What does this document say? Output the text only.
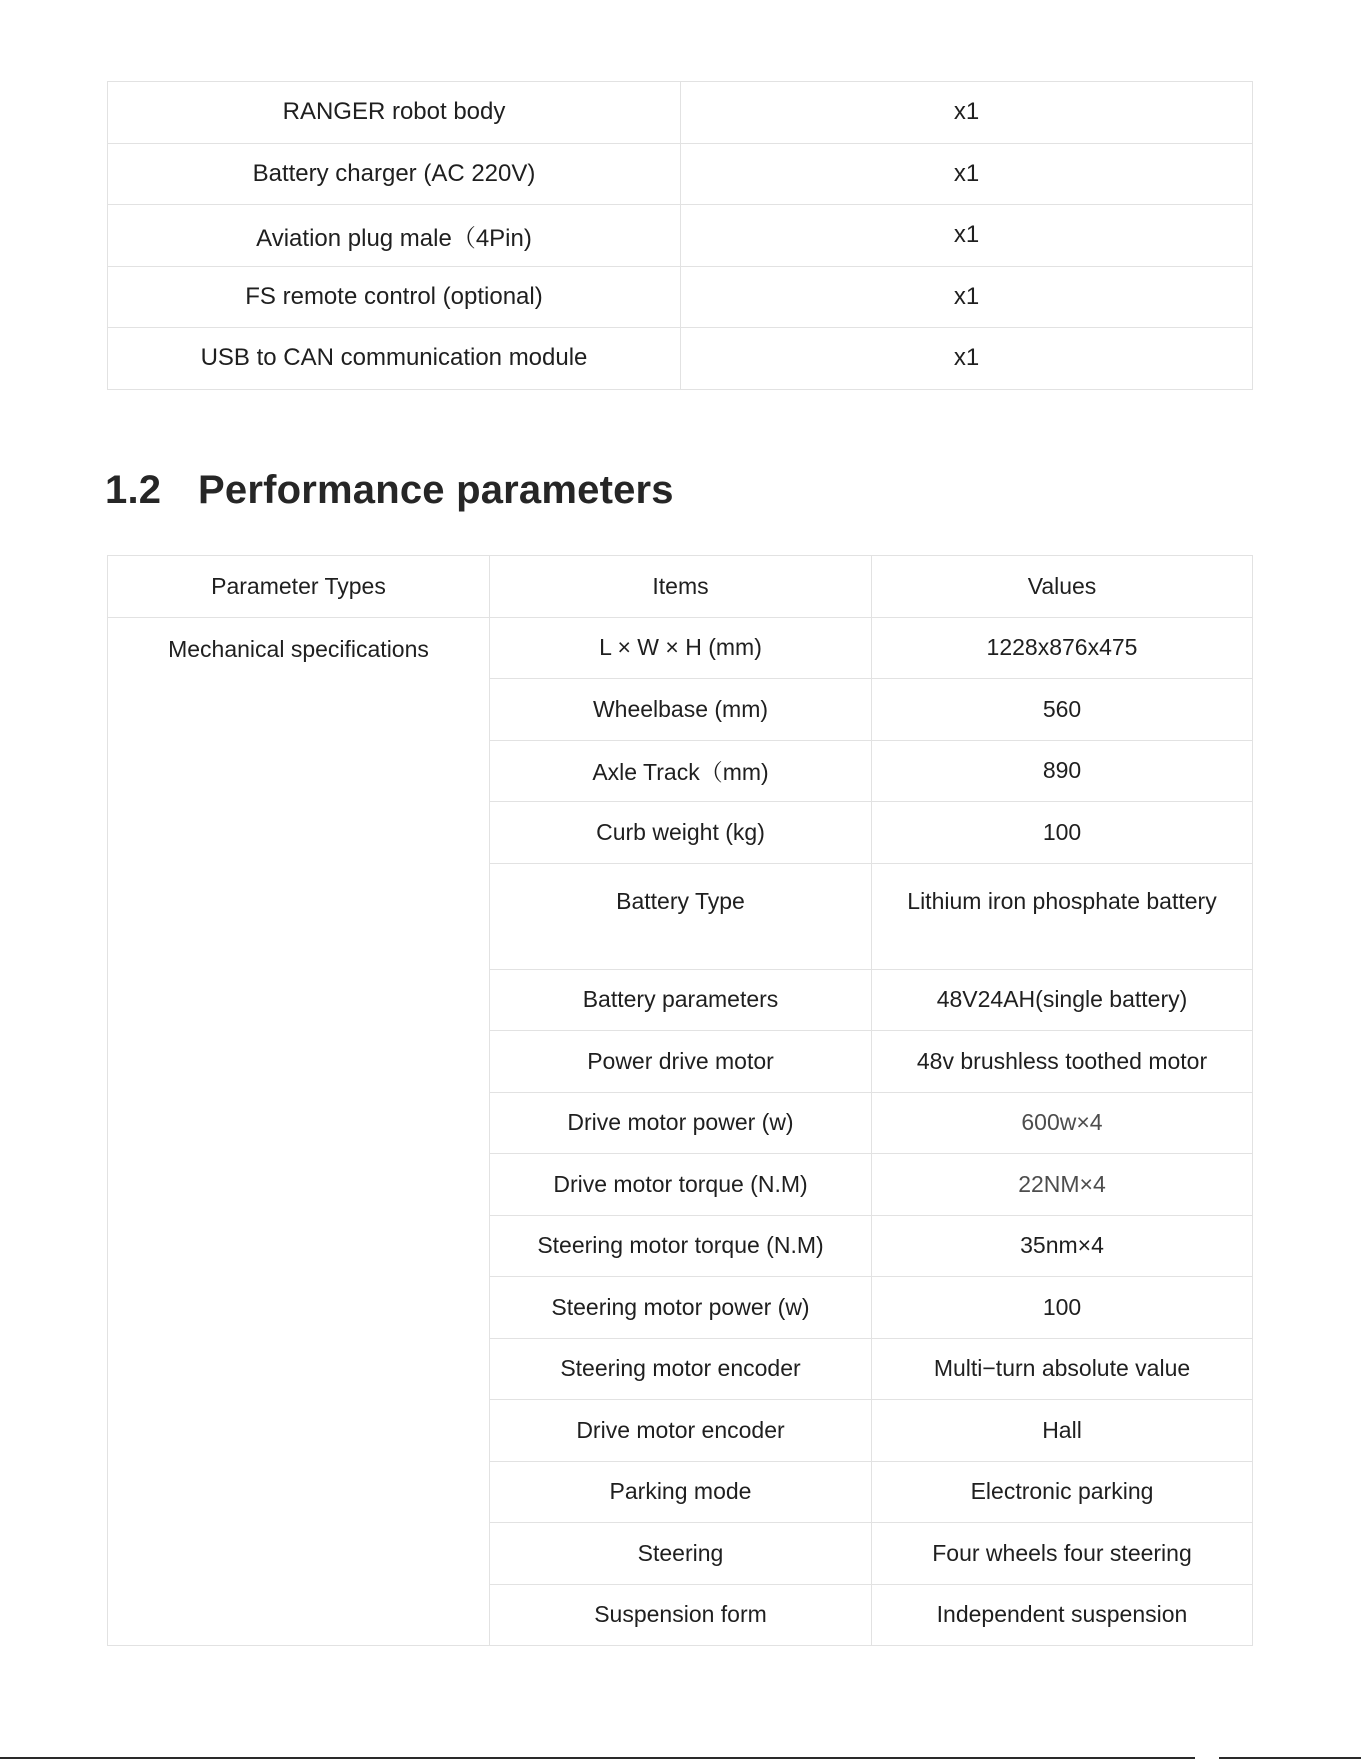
RANGER robot body	x1
Battery charger (AC 220V)	x1
Aviation plug male（4Pin)	x1
FS remote control (optional)	x1
USB to CAN communication module	x1
1.2 Performance parameters
Parameter Types	Items	Values
Mechanical specifications	L × W × H (mm)	1228x876x475
	Wheelbase (mm)	560
	Axle Track（mm)	890
	Curb weight (kg)	100
	Battery Type	Lithium iron phosphate battery
	Battery parameters	48V24AH(single battery)
	Power drive motor	48v brushless toothed motor
	Drive motor power (w)	600w×4
	Drive motor torque (N.M)	22NM×4
	Steering motor torque (N.M)	35nm×4
	Steering motor power (w)	100
	Steering motor encoder	Multi−turn absolute value
	Drive motor encoder	Hall
	Parking mode	Electronic parking
	Steering	Four wheels four steering
	Suspension form	Independent suspension
